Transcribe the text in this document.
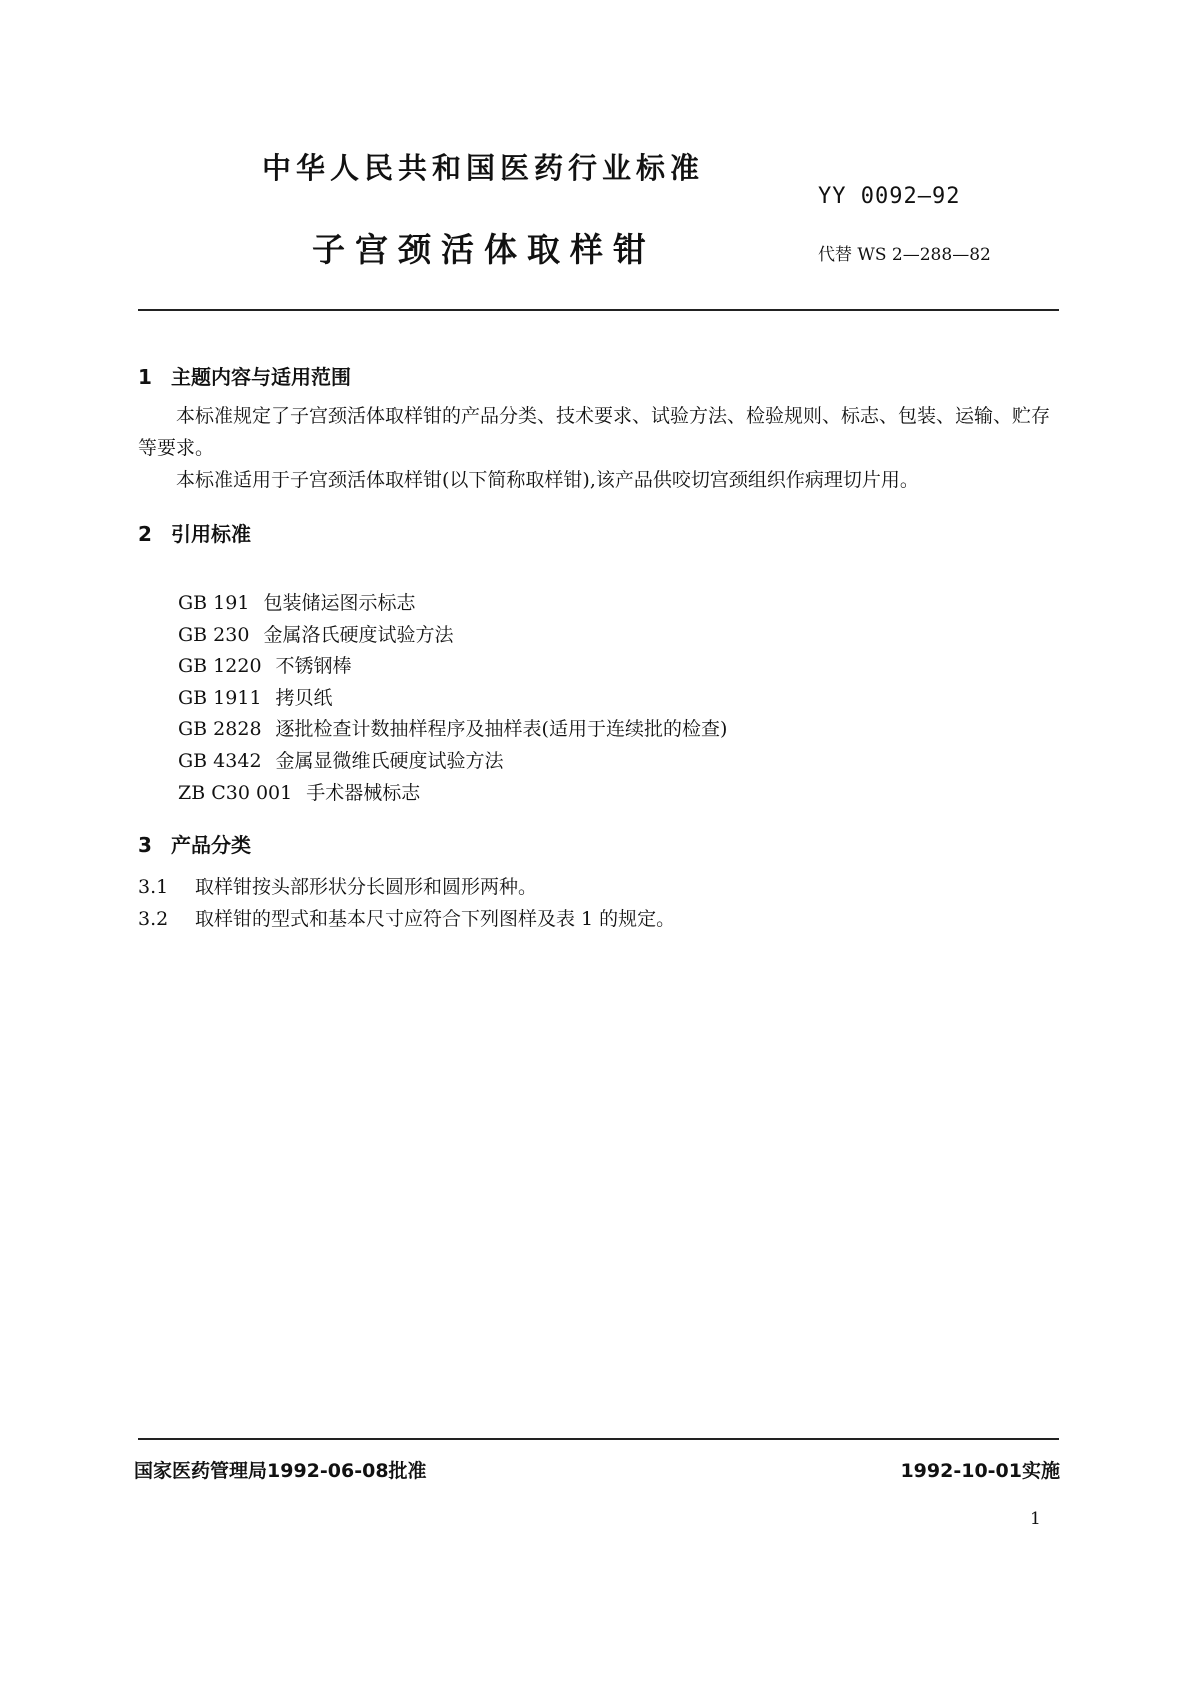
中华人民共和国医药行业标准
YY 0092—92
子宫颈活体取样钳	代替 WS 2—288—82
1 主题内容与适用范围
本标准规定了子宫颈活体取样钳的产品分类、技术要求、试验方法、检验规则、标志、包装、运输、贮存等要求。
本标准适用于子宫颈活体取样钳(以下简称取样钳),该产品供咬切宫颈组织作病理切片用。
2 引用标准
GB 191 包装储运图示标志
GB 230 金属洛氏硬度试验方法
GB 1220 不锈钢棒
GB 1911 拷贝纸
GB 2828 逐批检查计数抽样程序及抽样表(适用于连续批的检查)
GB 4342 金属显微维氏硬度试验方法
ZB C30 001 手术器械标志
3 产品分类
3.1 取样钳按头部形状分长圆形和圆形两种。
3.2 取样钳的型式和基本尺寸应符合下列图样及表 1 的规定。
国家医药管理局1992-06-08批准	1992-10-01实施
1
